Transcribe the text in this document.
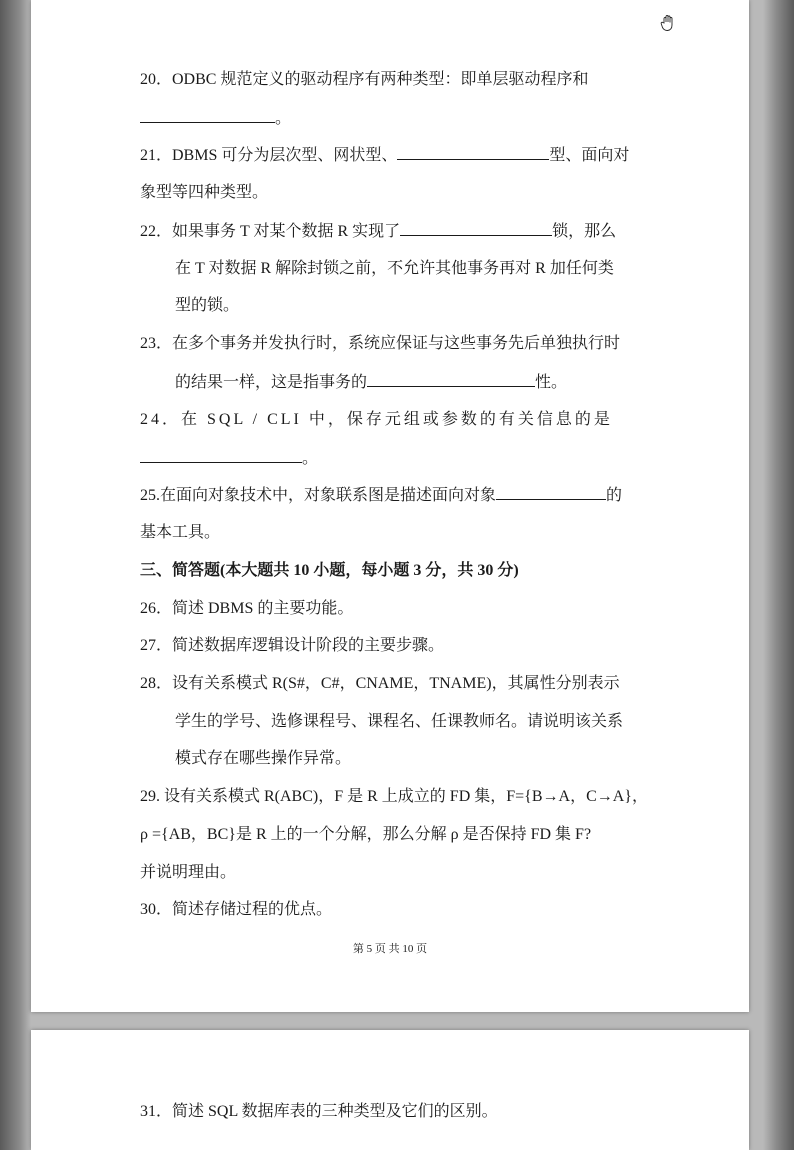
20．ODBC 规范定义的驱动程序有两种类型：即单层驱动程序和
。
21．DBMS 可分为层次型、网状型、	型、面向对
象型等四种类型。
22．如果事务 T 对某个数据 R 实现了	锁，那么
在 T 对数据 R 解除封锁之前，不允许其他事务再对 R 加任何类
型的锁。
23．在多个事务并发执行时，系统应保证与这些事务先后单独执行时
的结果一样，这是指事务的	性。
24．在 SQL / CLI 中，保存元组或参数的有关信息的是
。
25.在面向对象技术中，对象联系图是描述面向对象	的
基本工具。
三、简答题(本大题共 10 小题，每小题 3 分，共 30 分)
26．简述 DBMS 的主要功能。
27．简述数据库逻辑设计阶段的主要步骤。
28．设有关系模式 R(S#，C#，CNAME，TNAME)，其属性分别表示
学生的学号、选修课程号、课程名、任课教师名。请说明该关系
模式存在哪些操作异常。
29. 设有关系模式 R(ABC)，F 是 R 上成立的 FD 集，F={B→A，C→A}，
ρ ={AB，BC}是 R 上的一个分解，那么分解 ρ 是否保持 FD 集 F?
并说明理由。
30．简述存储过程的优点。
第 5 页 共 10 页
31．简述 SQL 数据库表的三种类型及它们的区别。
